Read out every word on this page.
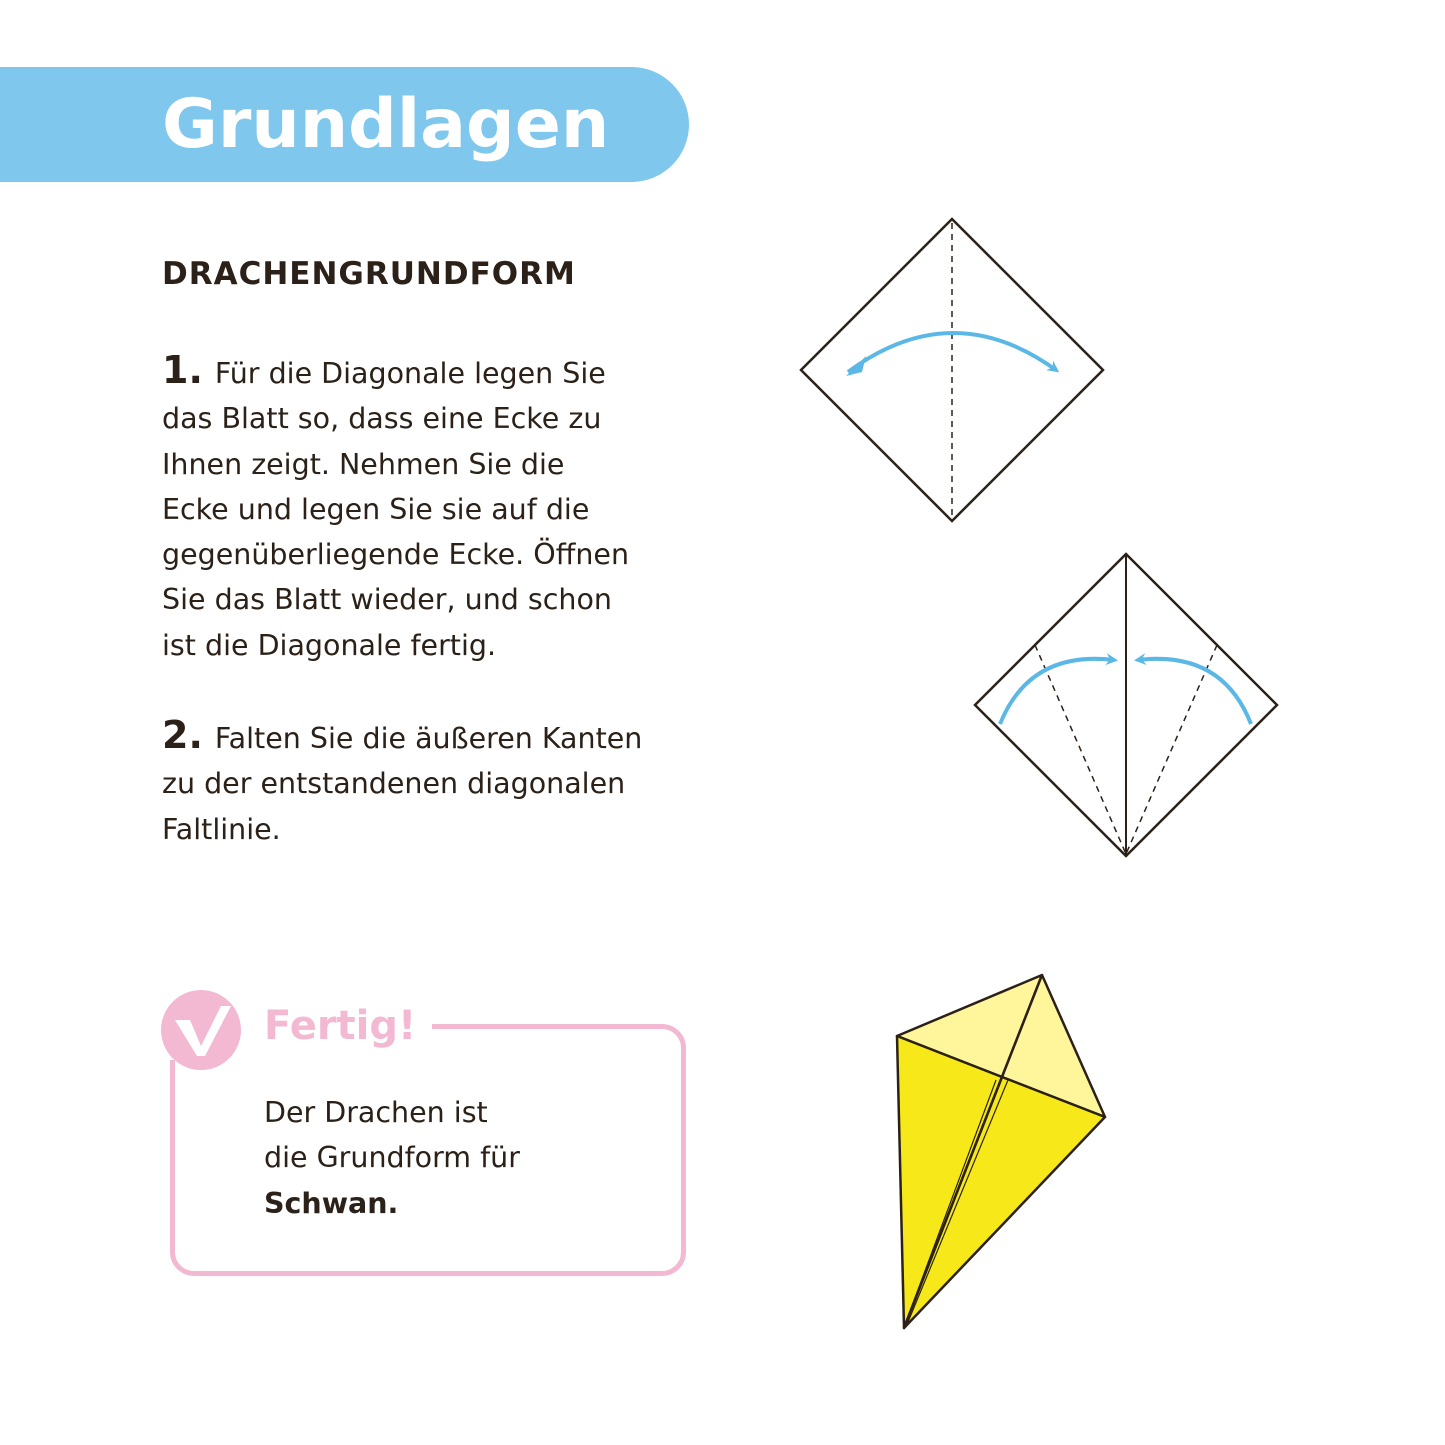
Grundlagen
DRACHENGRUNDFORM
1. Für die Diagonale legen Sie
das Blatt so, dass eine Ecke zu
Ihnen zeigt. Nehmen Sie die
Ecke und legen Sie sie auf die
gegenüberliegende Ecke. Öffnen
Sie das Blatt wieder, und schon
ist die Diagonale fertig.
2. Falten Sie die äußeren Kanten
zu der entstandenen diagonalen
Faltlinie.
Fertig!
Der Drachen ist
die Grundform für
Schwan.
